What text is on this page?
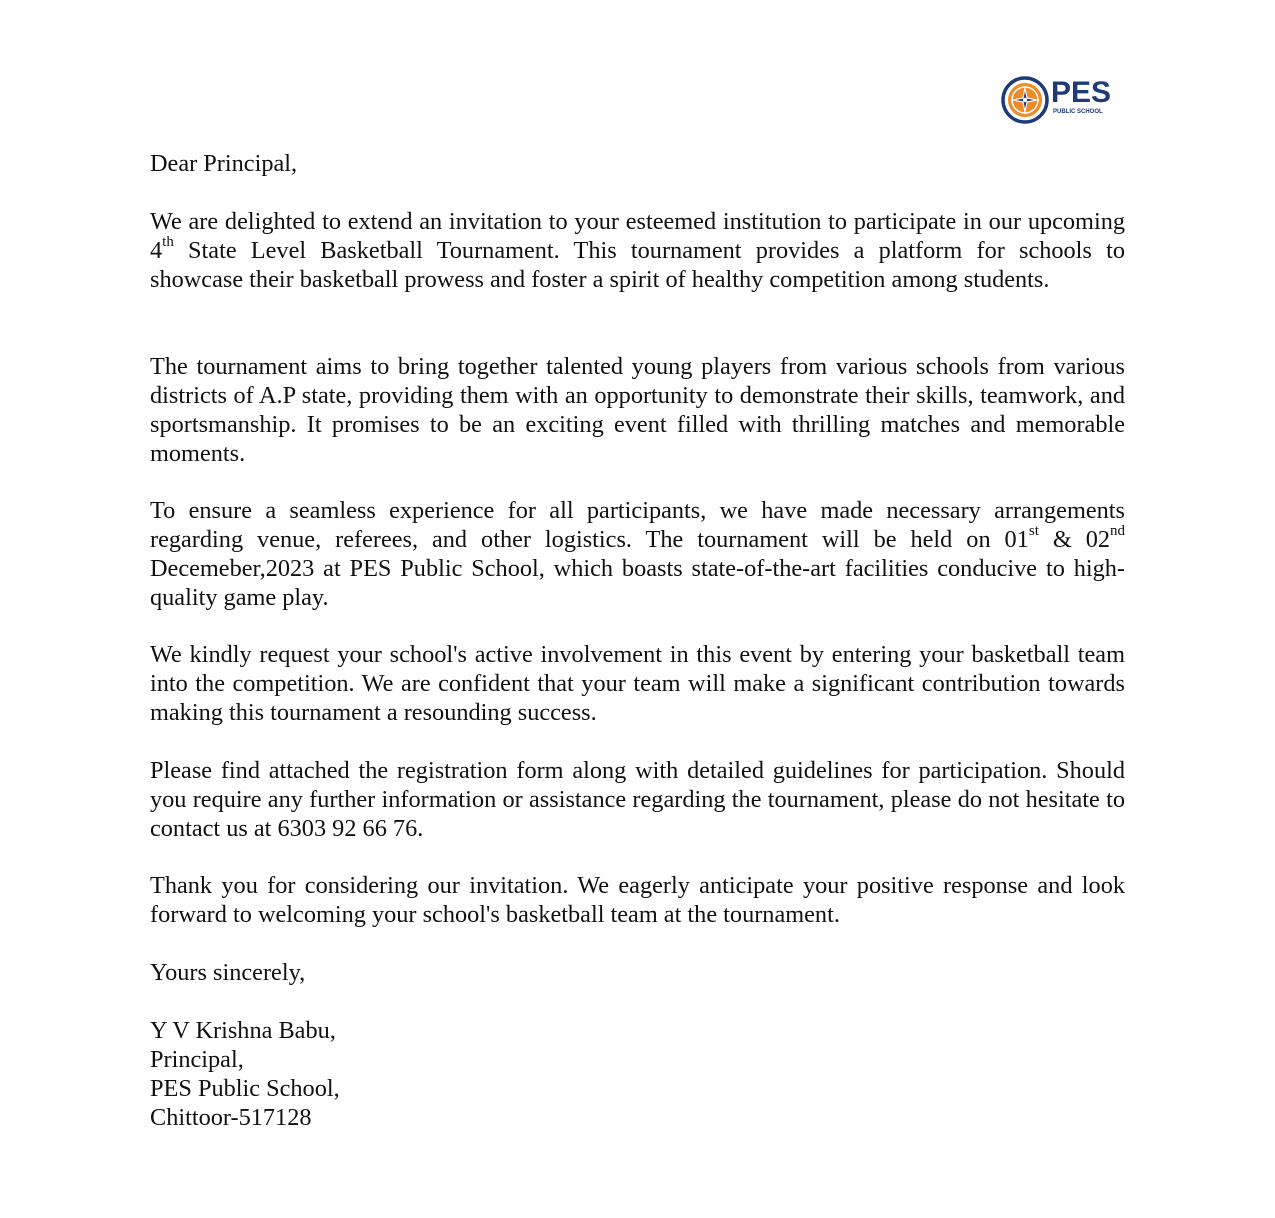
PES
PUBLIC SCHOOL

Dear Principal,

We are delighted to extend an invitation to your esteemed institution to participate in our upcoming 4th State Level Basketball Tournament. This tournament provides a platform for schools to showcase their basketball prowess and foster a spirit of healthy competition among students.

The tournament aims to bring together talented young players from various schools from various districts of A.P state, providing them with an opportunity to demonstrate their skills, teamwork, and sportsmanship. It promises to be an exciting event filled with thrilling matches and memorable moments.

To ensure a seamless experience for all participants, we have made necessary arrangements regarding venue, referees, and other logistics. The tournament will be held on 01st & 02nd Decemeber,2023 at PES Public School, which boasts state-of-the-art facilities conducive to high-quality game play.

We kindly request your school's active involvement in this event by entering your basketball team into the competition. We are confident that your team will make a significant contribution towards making this tournament a resounding success.

Please find attached the registration form along with detailed guidelines for participation. Should you require any further information or assistance regarding the tournament, please do not hesitate to contact us at 6303 92 66 76.

Thank you for considering our invitation. We eagerly anticipate your positive response and look forward to welcoming your school's basketball team at the tournament.

Yours sincerely,

Y V Krishna Babu,
Principal,
PES Public School,
Chittoor-517128
